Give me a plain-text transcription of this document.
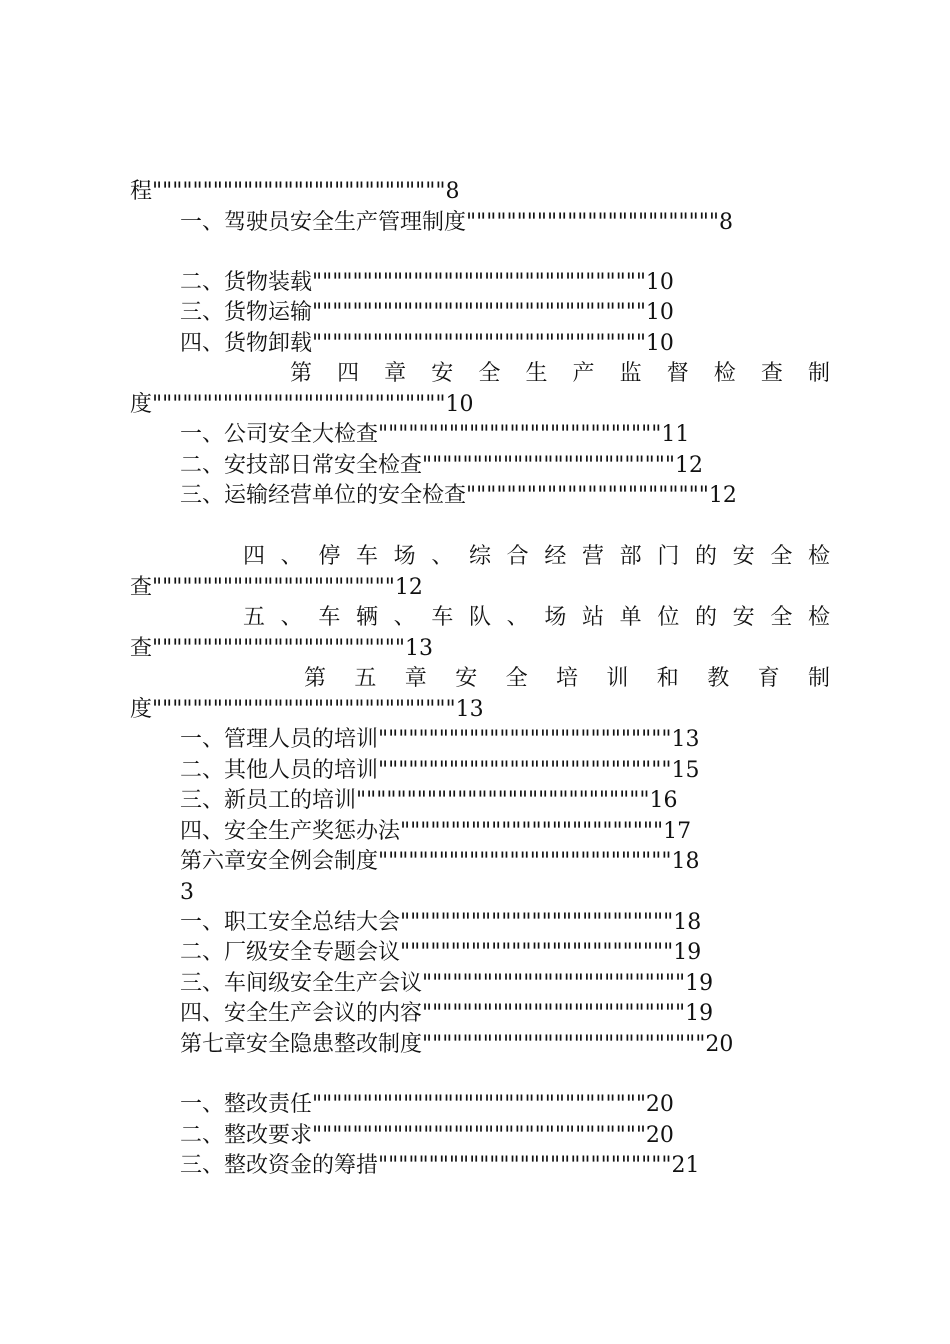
程"""""""""""""""""""""""""""""8
一、驾驶员安全生产管理制度"""""""""""""""""""""""""8
二、货物装载"""""""""""""""""""""""""""""""""10
三、货物运输"""""""""""""""""""""""""""""""""10
四、货物卸载"""""""""""""""""""""""""""""""""10
第 四 章 安 全 生 产 监 督 检 查 制
度"""""""""""""""""""""""""""""10
一、公司安全大检查""""""""""""""""""""""""""""11
二、安技部日常安全检查"""""""""""""""""""""""""12
三、运输经营单位的安全检查""""""""""""""""""""""""12
四 、 停 车 场 、 综 合 经 营 部 门 的 安 全 检
查""""""""""""""""""""""""12
五 、 车 辆 、 车 队 、 场 站 单 位 的 安 全 检
查"""""""""""""""""""""""""13
第 五 章 安 全 培 训 和 教 育 制
度""""""""""""""""""""""""""""""13
一、管理人员的培训"""""""""""""""""""""""""""""13
二、其他人员的培训"""""""""""""""""""""""""""""15
三、新员工的培训"""""""""""""""""""""""""""""16
四、安全生产奖惩办法""""""""""""""""""""""""""17
第六章安全例会制度"""""""""""""""""""""""""""""18
3
一、职工安全总结大会"""""""""""""""""""""""""""18
二、厂级安全专题会议"""""""""""""""""""""""""""19
三、车间级安全生产会议""""""""""""""""""""""""""19
四、安全生产会议的内容""""""""""""""""""""""""""19
第七章安全隐患整改制度""""""""""""""""""""""""""""20
一、整改责任"""""""""""""""""""""""""""""""""20
二、整改要求"""""""""""""""""""""""""""""""""20
三、整改资金的筹措"""""""""""""""""""""""""""""21
